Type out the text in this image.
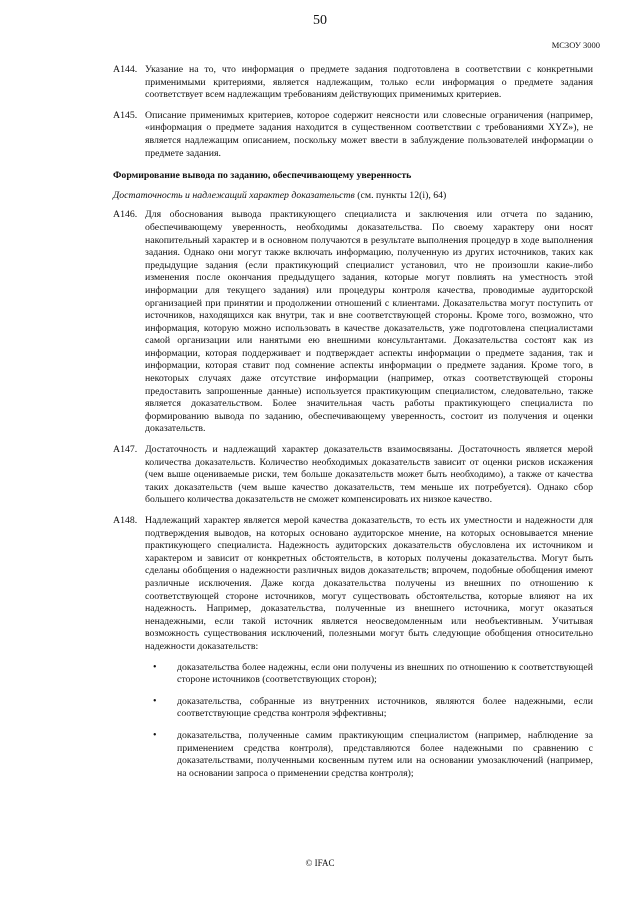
50
МСЗОУ 3000
A144. Указание на то, что информация о предмете задания подготовлена в соответствии с конкретными применимыми критериями, является надлежащим, только если информация о предмете задания соответствует всем надлежащим требованиям действующих применимых критериев.
A145. Описание применимых критериев, которое содержит неясности или словесные ограничения (например, «информация о предмете задания находится в существенном соответствии с требованиями XYZ»), не является надлежащим описанием, поскольку может ввести в заблуждение пользователей информации о предмете задания.
Формирование вывода по заданию, обеспечивающему уверенность
Достаточность и надлежащий характер доказательств (см. пункты 12(i), 64)
A146. Для обоснования вывода практикующего специалиста и заключения или отчета по заданию, обеспечивающему уверенность, необходимы доказательства. По своему характеру они носят накопительный характер и в основном получаются в результате выполнения процедур в ходе выполнения задания. Однако они могут также включать информацию, полученную из других источников, таких как предыдущие задания (если практикующий специалист установил, что не произошли какие-либо изменения после окончания предыдущего задания, которые могут повлиять на уместность этой информации для текущего задания) или процедуры контроля качества, проводимые аудиторской организацией при принятии и продолжении отношений с клиентами. Доказательства могут поступить от источников, находящихся как внутри, так и вне соответствующей стороны. Кроме того, возможно, что информация, которую можно использовать в качестве доказательств, уже подготовлена специалистами самой организации или нанятыми ею внешними консультантами. Доказательства состоят как из информации, которая поддерживает и подтверждает аспекты информации о предмете задания, так и информации, которая ставит под сомнение аспекты информации о предмете задания. Кроме того, в некоторых случаях даже отсутствие информации (например, отказ соответствующей стороны предоставить запрошенные данные) используется практикующим специалистом, следовательно, также является доказательством. Более значительная часть работы практикующего специалиста по формированию вывода по заданию, обеспечивающему уверенность, состоит из получения и оценки доказательств.
A147. Достаточность и надлежащий характер доказательств взаимосвязаны. Достаточность является мерой количества доказательств. Количество необходимых доказательств зависит от оценки рисков искажения (чем выше оцениваемые риски, тем больше доказательств может быть необходимо), а также от качества таких доказательств (чем выше качество доказательств, тем меньше их потребуется). Однако сбор большего количества доказательств не сможет компенсировать их низкое качество.
A148. Надлежащий характер является мерой качества доказательств, то есть их уместности и надежности для подтверждения выводов, на которых основано аудиторское мнение, на которых основывается мнение практикующего специалиста. Надежность аудиторских доказательств обусловлена их источником и характером и зависит от конкретных обстоятельств, в которых получены доказательства. Могут быть сделаны обобщения о надежности различных видов доказательств; впрочем, подобные обобщения имеют различные исключения. Даже когда доказательства получены из внешних по отношению к соответствующей стороне источников, могут существовать обстоятельства, которые влияют на их надежность. Например, доказательства, полученные из внешнего источника, могут оказаться ненадежными, если такой источник является неосведомленным или необъективным. Учитывая возможность существования исключений, полезными могут быть следующие обобщения относительно надежности доказательств:
• доказательства более надежны, если они получены из внешних по отношению к соответствующей стороне источников (соответствующих сторон);
• доказательства, собранные из внутренних источников, являются более надежными, если соответствующие средства контроля эффективны;
• доказательства, полученные самим практикующим специалистом (например, наблюдение за применением средства контроля), представляются более надежными по сравнению с доказательствами, полученными косвенным путем или на основании умозаключений (например, на основании запроса о применении средства контроля);
© IFAC
